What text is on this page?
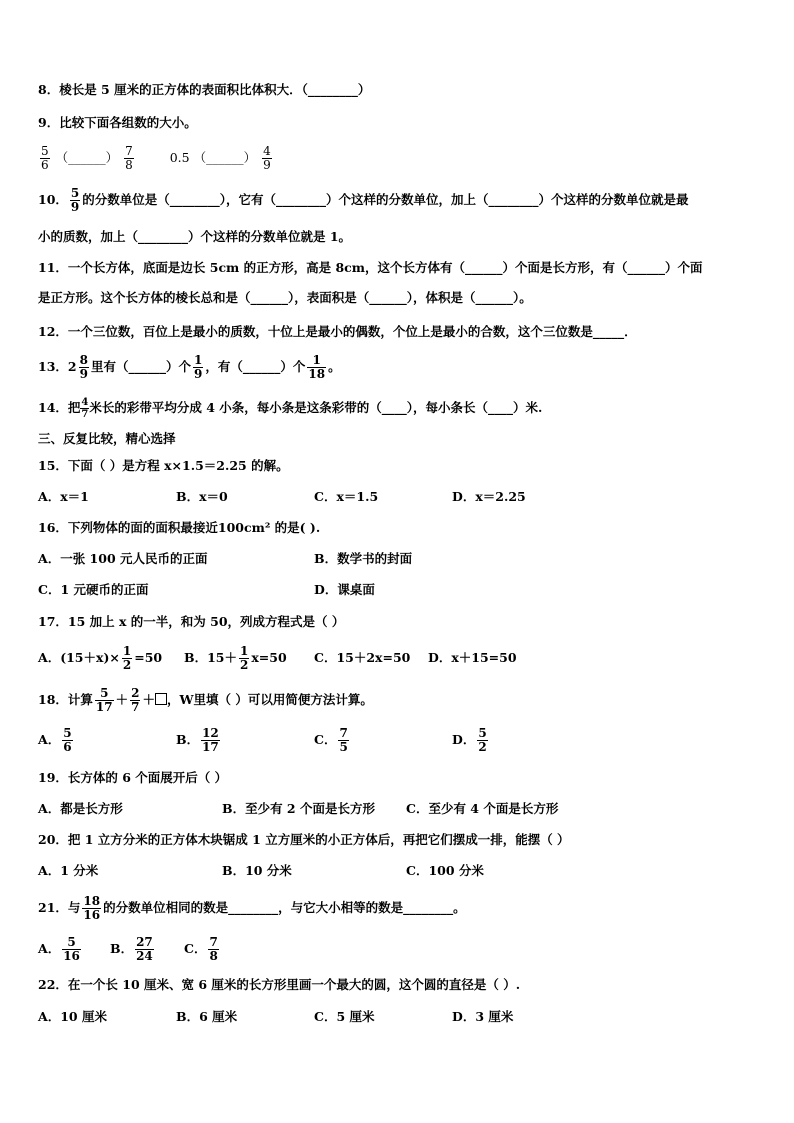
8．棱长是 5 厘米的正方体的表面积比体积大．（________）
9．比较下面各组数的大小。
$\frac{5}{6}$ （______） $\frac{7}{8}$	0.5 （______） $\frac{4}{9}$
10． $\frac{5}{9}$ 的分数单位是（________），它有（________）个这样的分数单位，加上（________）个这样的分数单位就是最
小的质数，加上（________）个这样的分数单位就是 1。
11．一个长方体，底面是边长 5cm 的正方形，高是 8cm，这个长方体有（______）个面是长方形，有（______）个面
是正方形。这个长方体的棱长总和是（______），表面积是（______），体积是（______）。
12．一个三位数，百位上是最小的质数，十位上是最小的偶数，个位上是最小的合数，这个三位数是_____．
13．$2 \frac{8}{9}$ 里有（______）个 $\frac{1}{9}$ ，有（______）个 $\frac{1}{18}$ 。
14．把 $\frac{4}{7}$ 米长的彩带平均分成 4 小条，每小条是这条彩带的（____），每小条长（____）米.
三、反复比较，精心选择
15．下面（ ）是方程 x×1.5＝2.25 的解。
A．x＝1	B．x＝0	C．x＝1.5	D．x＝2.25
16．下列物体的面的面积最接近100cm² 的是( ).
A．一张 100 元人民币的正面	B．数学书的封面
C．1 元硬币的正面	D．课桌面
17．15 加上 x 的一半，和为 50，列成方程式是（ ）
A．$(15+x)\times \frac{1}{2} =50$ B．$15+ \frac{1}{2} x=50$ C．15＋2x=50 D．x＋15=50
18．计算 $\frac{5}{17} + \frac{2}{7}$ ＋ ，W里填（ ）可以用简便方法计算。
A． $\frac{5}{6}$	B． $\frac{12}{17}$	C． $\frac{7}{5}$	D． $\frac{5}{2}$
19．长方体的 6 个面展开后（ ）
A．都是长方形	B．至少有 2 个面是长方形 C．至少有 4 个面是长方形
20．把 1 立方分米的正方体木块锯成 1 立方厘米的小正方体后，再把它们摆成一排，能摆（ ）
A．1 分米	B．10 分米	C．100 分米
21．与 $\frac{18}{16}$ 的分数单位相同的数是________，与它大小相等的数是________。
A． $\frac{5}{16}$ B． $\frac{27}{24}$ C． $\frac{7}{8}$
22．在一个长 10 厘米、宽 6 厘米的长方形里画一个最大的圆，这个圆的直径是（ ）.
A．10 厘米	B．6 厘米	C．5 厘米	D．3 厘米
